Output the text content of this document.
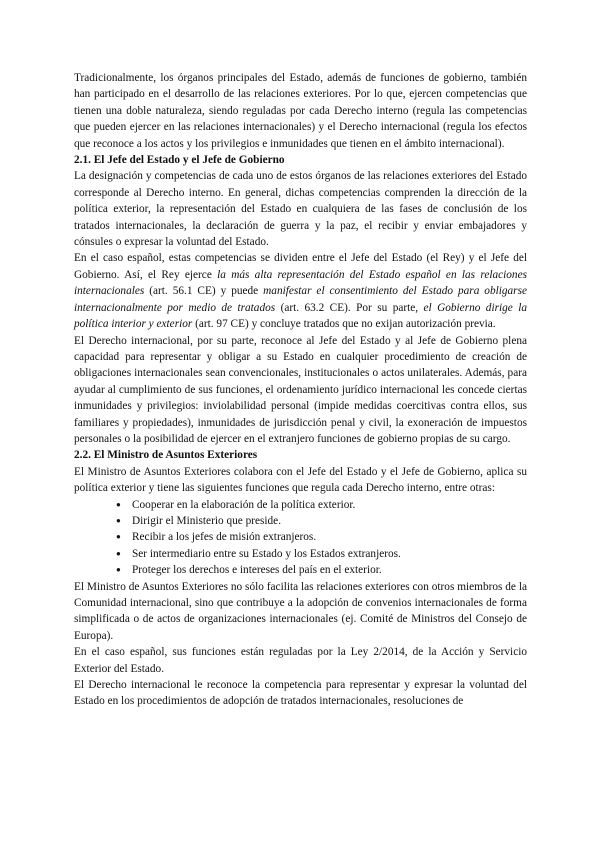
Tradicionalmente, los órganos principales del Estado, además de funciones de gobierno, también han participado en el desarrollo de las relaciones exteriores. Por lo que, ejercen competencias que tienen una doble naturaleza, siendo reguladas por cada Derecho interno (regula las competencias que pueden ejercer en las relaciones internacionales) y el Derecho internacional (regula los efectos que reconoce a los actos y los privilegios e inmunidades que tienen en el ámbito internacional).

2.1. El Jefe del Estado y el Jefe de Gobierno

La designación y competencias de cada uno de estos órganos de las relaciones exteriores del Estado corresponde al Derecho interno. En general, dichas competencias comprenden la dirección de la política exterior, la representación del Estado en cualquiera de las fases de conclusión de los tratados internacionales, la declaración de guerra y la paz, el recibir y enviar embajadores y cónsules o expresar la voluntad del Estado.

En el caso español, estas competencias se dividen entre el Jefe del Estado (el Rey) y el Jefe del Gobierno. Así, el Rey ejerce la más alta representación del Estado español en las relaciones internacionales (art. 56.1 CE) y puede manifestar el consentimiento del Estado para obligarse internacionalmente por medio de tratados (art. 63.2 CE). Por su parte, el Gobierno dirige la política interior y exterior (art. 97 CE) y concluye tratados que no exijan autorización previa.

El Derecho internacional, por su parte, reconoce al Jefe del Estado y al Jefe de Gobierno plena capacidad para representar y obligar a su Estado en cualquier procedimiento de creación de obligaciones internacionales sean convencionales, institucionales o actos unilaterales. Además, para ayudar al cumplimiento de sus funciones, el ordenamiento jurídico internacional les concede ciertas inmunidades y privilegios: inviolabilidad personal (impide medidas coercitivas contra ellos, sus familiares y propiedades), inmunidades de jurisdicción penal y civil, la exoneración de impuestos personales o la posibilidad de ejercer en el extranjero funciones de gobierno propias de su cargo.

2.2. El Ministro de Asuntos Exteriores

El Ministro de Asuntos Exteriores colabora con el Jefe del Estado y el Jefe de Gobierno, aplica su política exterior y tiene las siguientes funciones que regula cada Derecho interno, entre otras:

● Cooperar en la elaboración de la política exterior.
● Dirigir el Ministerio que preside.
● Recibir a los jefes de misión extranjeros.
● Ser intermediario entre su Estado y los Estados extranjeros.
● Proteger los derechos e intereses del país en el exterior.

El Ministro de Asuntos Exteriores no sólo facilita las relaciones exteriores con otros miembros de la Comunidad internacional, sino que contribuye a la adopción de convenios internacionales de forma simplificada o de actos de organizaciones internacionales (ej. Comité de Ministros del Consejo de Europa).

En el caso español, sus funciones están reguladas por la Ley 2/2014, de la Acción y Servicio Exterior del Estado.

El Derecho internacional le reconoce la competencia para representar y expresar la voluntad del Estado en los procedimientos de adopción de tratados internacionales, resoluciones de
